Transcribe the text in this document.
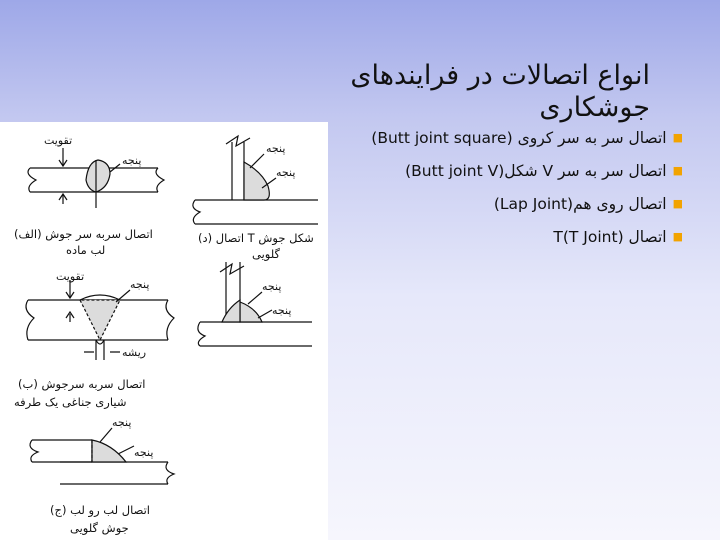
انواع اتصالات در فرایندهای جوشکاری
■اتصال سر به سر کروی (Butt joint square)
■اتصال سر به سر V شکل(Butt joint V)
■اتصال روی هم(Lap Joint)
■اتصال (T Joint)T
تقویت
پنجه
پنجه
پنجه
تقویت
پنجه
ریشه
پنجه
پنجه
پنجه
پنجه
(الف) اتصال سربه سر جوش
لب ماده
(د) اتصال T شکل جوش
گلویی
(ب) اتصال سربه سرجوش
شیاری جناغی یک طرفه
(ج) اتصال لب رو لب
جوش گلویی
